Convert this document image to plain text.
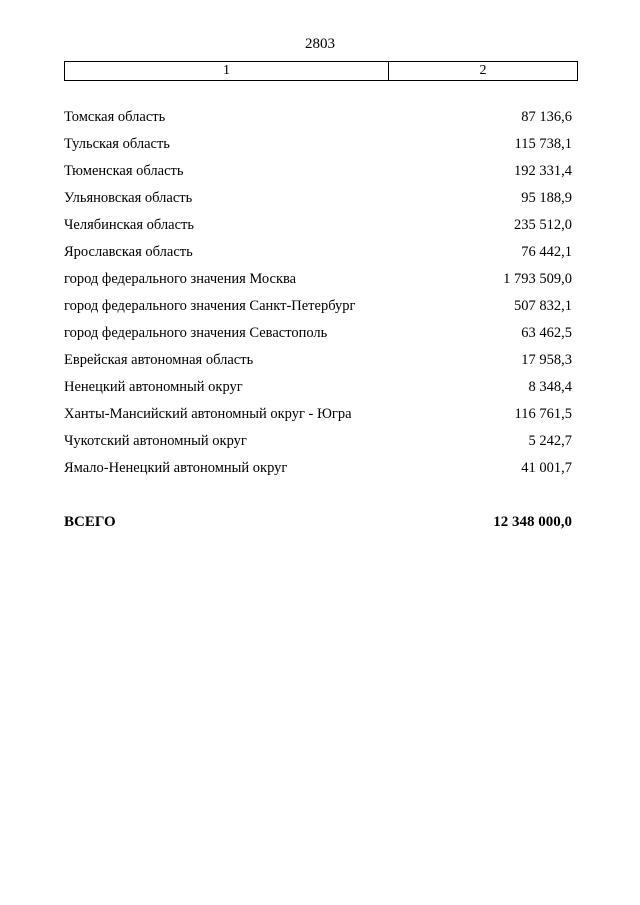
2803
1	2
Томская область	87 136,6
Тульская область	115 738,1
Тюменская область	192 331,4
Ульяновская область	95 188,9
Челябинская область	235 512,0
Ярославская область	76 442,1
город федерального значения Москва	1 793 509,0
город федерального значения Санкт-Петербург	507 832,1
город федерального значения Севастополь	63 462,5
Еврейская автономная область	17 958,3
Ненецкий автономный округ	8 348,4
Ханты-Мансийский автономный округ - Югра	116 761,5
Чукотский автономный округ	5 242,7
Ямало-Ненецкий автономный округ	41 001,7
ВСЕГО	12 348 000,0
